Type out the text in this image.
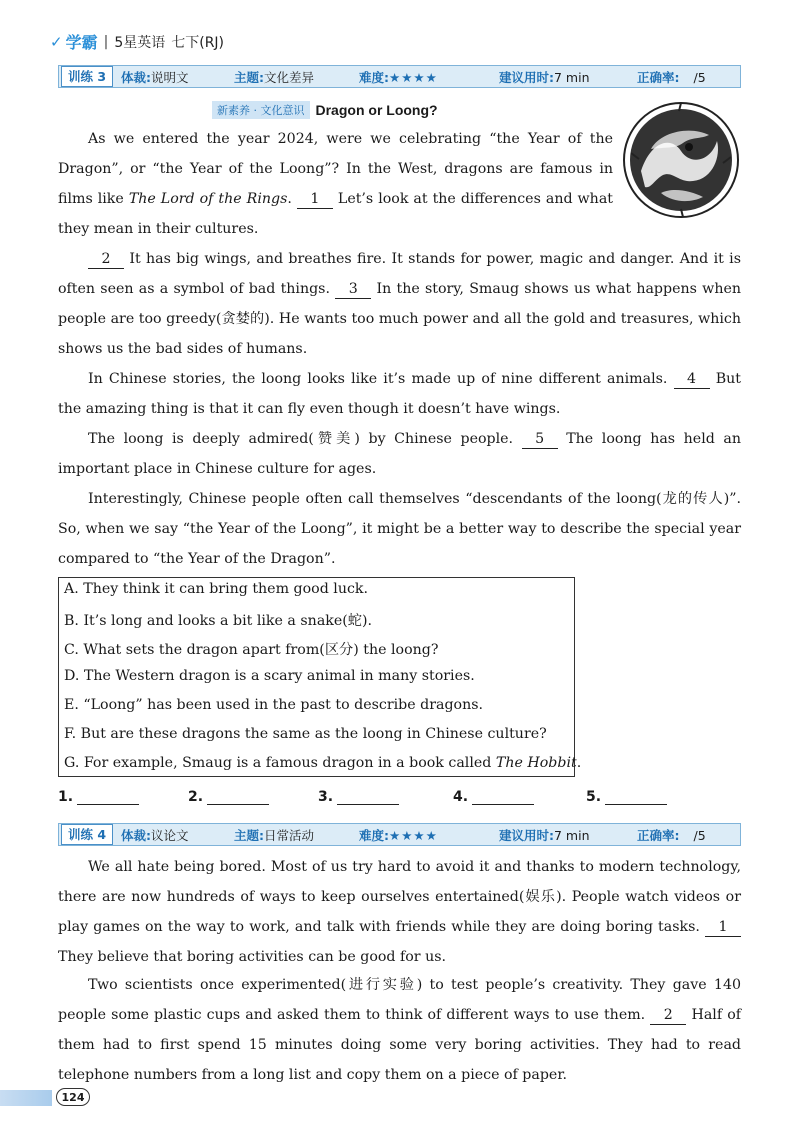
✓ 学霸 | 5星英语 七下(RJ)
训练 3	体裁:说明文	主题:文化差异	难度:★★★★	建议用时:7 min	正确率: /5
新素养 · 文化意识 Dragon or Loong?
As we entered the year 2024, were we celebrating “the Year of the Dragon”, or “the Year of the Loong”? In the West, dragons are famous in films like The Lord of the Rings. 1 Let’s look at the differences and what they mean in their cultures.
2 It has big wings, and breathes fire. It stands for power, magic and danger. And it is often seen as a symbol of bad things. 3 In the story, Smaug shows us what happens when people are too greedy(贪婪的). He wants too much power and all the gold and treasures, which shows us the bad sides of humans.
In Chinese stories, the loong looks like it’s made up of nine different animals. 4 But the amazing thing is that it can fly even though it doesn’t have wings.
The loong is deeply admired(赞美) by Chinese people. 5 The loong has held an important place in Chinese culture for ages.
Interestingly, Chinese people often call themselves “descendants of the loong(龙的传人)”. So, when we say “the Year of the Loong”, it might be a better way to describe the special year compared to “the Year of the Dragon”.
A. They think it can bring them good luck.
B. It’s long and looks a bit like a snake(蛇).
C. What sets the dragon apart from(区分) the loong?
D. The Western dragon is a scary animal in many stories.
E. “Loong” has been used in the past to describe dragons.
F. But are these dragons the same as the loong in Chinese culture?
G. For example, Smaug is a famous dragon in a book called The Hobbit.
1.	2.	3.	4.	5.
训练 4	体裁:议论文	主题:日常活动	难度:★★★★	建议用时:7 min	正确率: /5
We all hate being bored. Most of us try hard to avoid it and thanks to modern technology, there are now hundreds of ways to keep ourselves entertained(娱乐). People watch videos or play games on the way to work, and talk with friends while they are doing boring tasks. 1 They believe that boring activities can be good for us.
Two scientists once experimented(进行实验) to test people’s creativity. They gave 140 people some plastic cups and asked them to think of different ways to use them. 2 Half of them had to first spend 15 minutes doing some very boring activities. They had to read telephone numbers from a long list and copy them on a piece of paper.
124
